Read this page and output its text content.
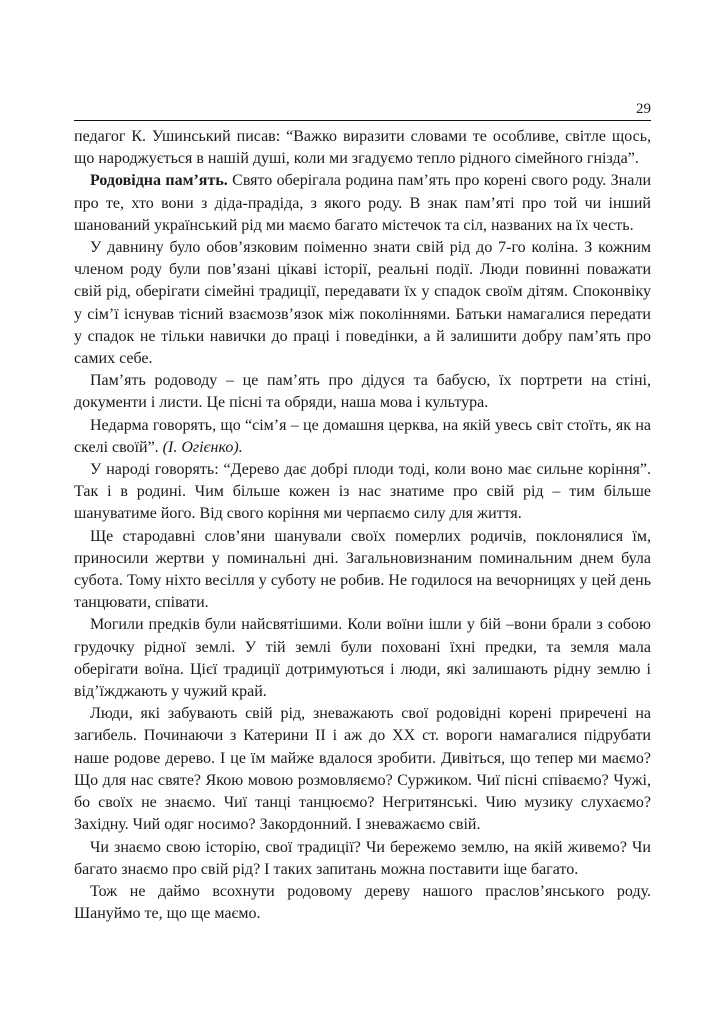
29

педагог К. Ушинський писав: “Важко виразити словами те особливе, світле щось, що народжується в нашій душі, коли ми згадуємо тепло рідного сімейного гнізда”.

Родовідна пам’ять. Свято оберігала родина пам’ять про корені свого роду. Знали про те, хто вони з діда-прадіда, з якого роду. В знак пам’яті про той чи інший шанований український рід ми маємо багато містечок та сіл, названих на їх честь.

У давнину було обов’язковим поіменно знати свій рід до 7-го коліна. З кожним членом роду були пов’язані цікаві історії, реальні події. Люди повинні поважати свій рід, оберігати сімейні традиції, передавати їх у спадок своїм дітям. Споконвіку у сім’ї існував тісний взаємозв’язок між поколіннями. Батьки намагалися передати у спадок не тільки навички до праці і поведінки, а й залишити добру пам’ять про самих себе.

Пам’ять родоводу – це пам’ять про дідуся та бабусю, їх портрети на стіні, документи і листи. Це пісні та обряди, наша мова і культура.

Недарма говорять, що “сім’я – це домашня церква, на якій увесь світ стоїть, як на скелі своїй”. (І. Огієнко).

У народі говорять: “Дерево дає добрі плоди тоді, коли воно має сильне коріння”. Так і в родині. Чим більше кожен із нас знатиме про свій рід – тим більше шануватиме його. Від свого коріння ми черпаємо силу для життя.

Ще стародавні слов’яни шанували своїх померлих родичів, поклонялися їм, приносили жертви у поминальні дні. Загальновизнаним поминальним днем була субота. Тому ніхто весілля у суботу не робив. Не годилося на вечорницях у цей день танцювати, співати.

Могили предків були найсвятішими. Коли воїни ішли у бій –вони брали з собою грудочку рідної землі. У тій землі були поховані їхні предки, та земля мала оберігати воїна. Цієї традиції дотримуються і люди, які залишають рідну землю і від’їжджають у чужий край.

Люди, які забувають свій рід, зневажають свої родовідні корені приречені на загибель. Починаючи з Катерини ІІ і аж до ХХ ст. вороги намагалися підрубати наше родове дерево. І це їм майже вдалося зробити. Дивіться, що тепер ми маємо? Що для нас святе? Якою мовою розмовляємо? Суржиком. Чиї пісні співаємо? Чужі, бо своїх не знаємо. Чиї танці танцюємо? Негритянські. Чию музику слухаємо? Західну. Чий одяг носимо? Закордонний. І зневажаємо свій.

Чи знаємо свою історію, свої традиції? Чи бережемо землю, на якій живемо? Чи багато знаємо про свій рід? І таких запитань можна поставити іще багато.

Тож не даймо всохнути родовому дереву нашого праслов’янського роду. Шануймо те, що ще маємо.
